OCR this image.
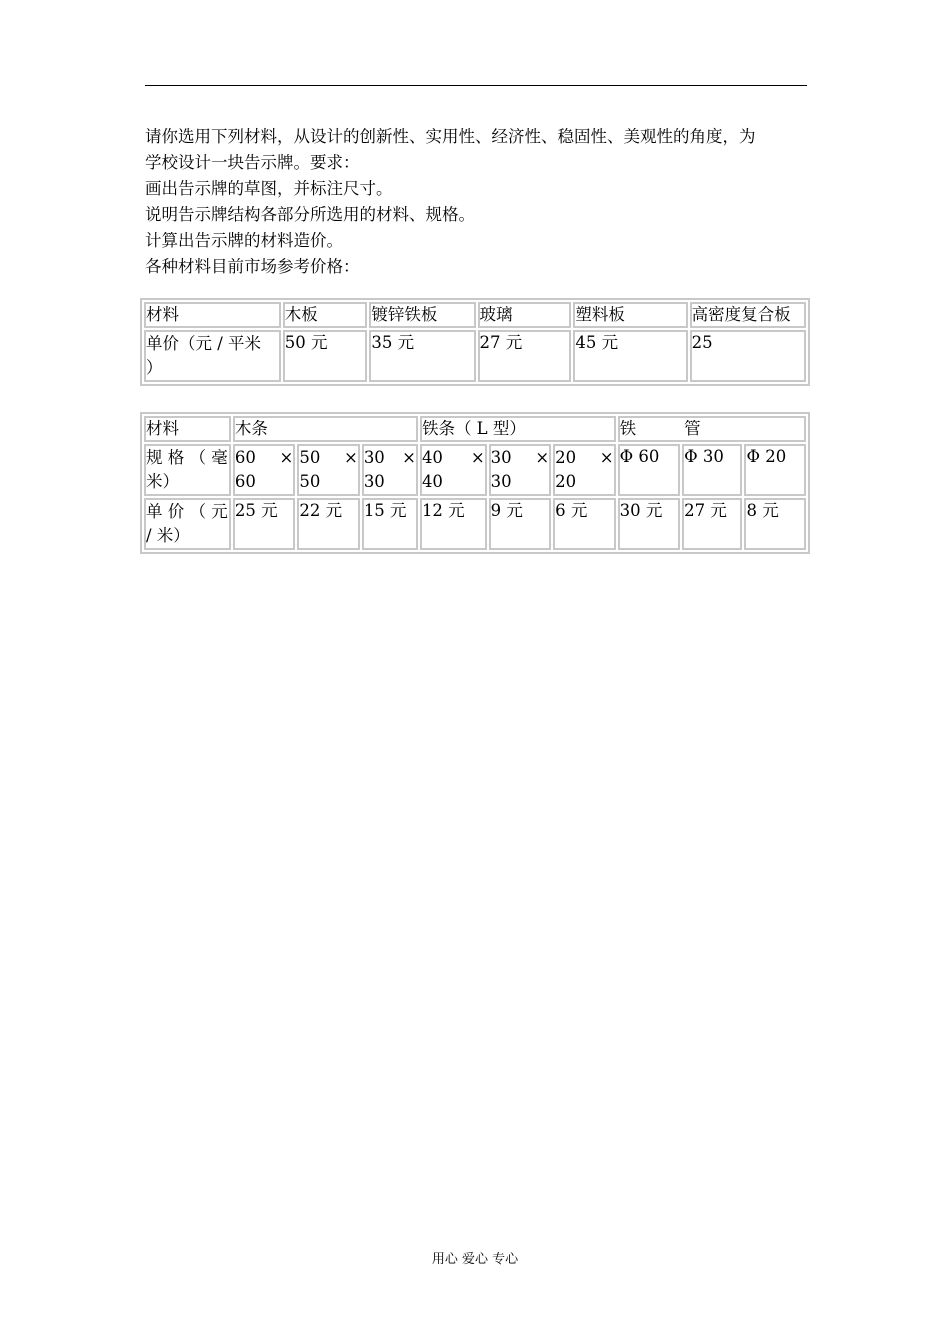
请你选用下列材料，从设计的创新性、实用性、经济性、稳固性、美观性的角度，为

学校设计一块告示牌。要求：

画出告示牌的草图，并标注尺寸。

说明告示牌结构各部分所选用的材料、规格。

计算出告示牌的材料造价。

各种材料目前市场参考价格：

材料	木板	镀锌铁板	玻璃	塑料板	高密度复合板

单价（元 / 平米
）	50 元	35 元	27 元	45 元	25
材料	木条			铁条（ L 型）			铁 管		

规 格 （ 毫
米）	60 ×
60	50 ×
50	30 ×
30	40 ×
40	30 ×
30	20 ×
20	Φ 60	Φ 30	Φ 20

单 价 （ 元
/ 米）	25 元	22 元	15 元	12 元	9 元	6 元	30 元	27 元	8 元
用心 爱心 专心
